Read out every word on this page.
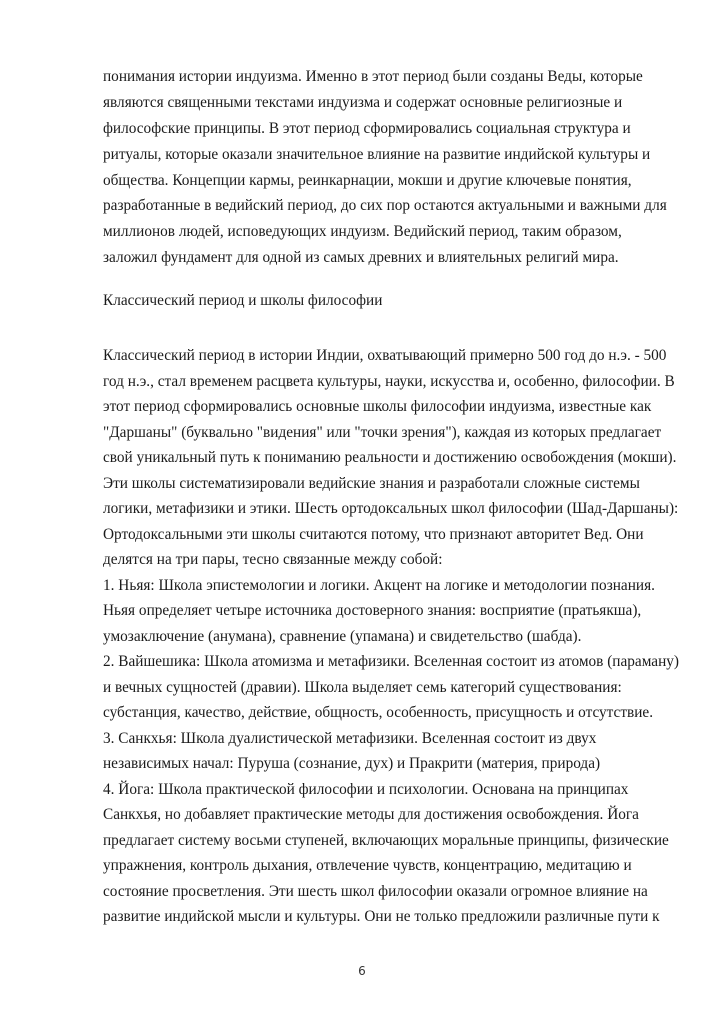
понимания истории индуизма. Именно в этот период были созданы Веды, которые
являются священными текстами индуизма и содержат основные религиозные и
философские принципы. В этот период сформировались социальная структура и
ритуалы, которые оказали значительное влияние на развитие индийской культуры и
общества. Концепции кармы, реинкарнации, мокши и другие ключевые понятия,
разработанные в ведийский период, до сих пор остаются актуальными и важными для
миллионов людей, исповедующих индуизм. Ведийский период, таким образом,
заложил фундамент для одной из самых древних и влиятельных религий мира.
Классический период и школы философии
Классический период в истории Индии, охватывающий примерно 500 год до н.э. - 500
год н.э., стал временем расцвета культуры, науки, искусства и, особенно, философии. В
этот период сформировались основные школы философии индуизма, известные как
"Даршаны" (буквально "видения" или "точки зрения"), каждая из которых предлагает
свой уникальный путь к пониманию реальности и достижению освобождения (мокши).
Эти школы систематизировали ведийские знания и разработали сложные системы
логики, метафизики и этики. Шесть ортодоксальных школ философии (Шад-Даршаны):
Ортодоксальными эти школы считаются потому, что признают авторитет Вед. Они
делятся на три пары, тесно связанные между собой:
1. Ньяя: Школа эпистемологии и логики. Акцент на логике и методологии познания.
Ньяя определяет четыре источника достоверного знания: восприятие (пратьякша),
умозаключение (анумана), сравнение (упамана) и свидетельство (шабда).
2. Вайшешика: Школа атомизма и метафизики. Вселенная состоит из атомов (параману)
и вечных сущностей (дравии). Школа выделяет семь категорий существования:
субстанция, качество, действие, общность, особенность, присущность и отсутствие.
3. Санкхья: Школа дуалистической метафизики. Вселенная состоит из двух
независимых начал: Пуруша (сознание, дух) и Пракрити (материя, природа)
4. Йога: Школа практической философии и психологии. Основана на принципах
Санкхья, но добавляет практические методы для достижения освобождения. Йога
предлагает систему восьми ступеней, включающих моральные принципы, физические
упражнения, контроль дыхания, отвлечение чувств, концентрацию, медитацию и
состояние просветления. Эти шесть школ философии оказали огромное влияние на
развитие индийской мысли и культуры. Они не только предложили различные пути к
6
